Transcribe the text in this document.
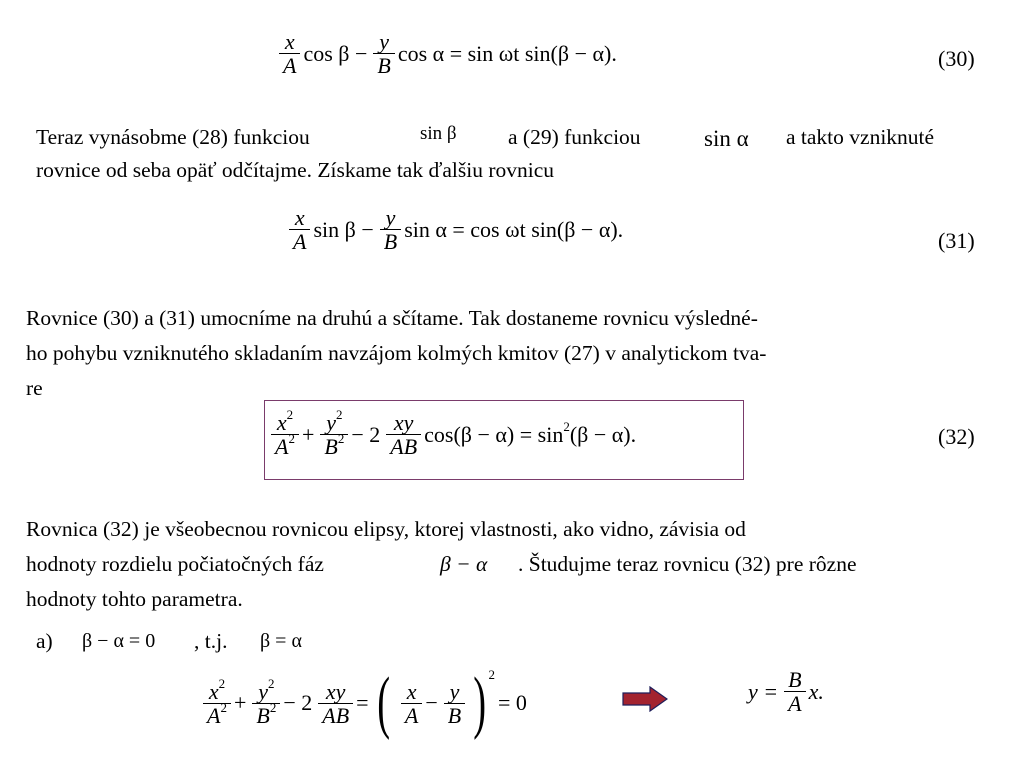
$\frac{x}{A}$ $\cos \beta - \frac{y}{B}$ cos α = sin ωt sin(β − α).	(30)
Teraz vynásobme (28) funkciou	sin β a (29) funkciou	sin α a takto vzniknuté
rovnice od seba opäť odčítajme. Získame tak ďalšiu rovnicu
$\frac{x}{A}$ $\sin \beta - \frac{y}{B}$ sin α = cos ωt sin(β − α).	(31)
Rovnice (30) a (31) umocníme na druhú a sčítame. Tak dostaneme rovnicu výsledné-
ho pohybu vzniknutého skladaním navzájom kolmých kmitov (27) v analytickom tva-
re
$\frac{x^2}{A^2} + \frac{y^2}{B^2} - 2 \frac{xy}{AB} \cos(\beta - \alpha) = \sin^2(\beta - \alpha)$.	(32)
Rovnica (32) je všeobecnou rovnicou elipsy, ktorej vlastnosti, ako vidno, závisia od
hodnoty rozdielu počiatočných fáz	β − α . Študujme teraz rovnicu (32) pre rôzne
hodnoty tohto parametra.
a) β − α = 0 , t.j. β = α
$\frac{x^2}{A^2} + \frac{y^2}{B^2} - 2 \frac{xy}{AB}$ = ( $\frac{x}{A} - \frac{y}{B}$ ) 2
= 0	$y = \frac{B}{A} x$.
